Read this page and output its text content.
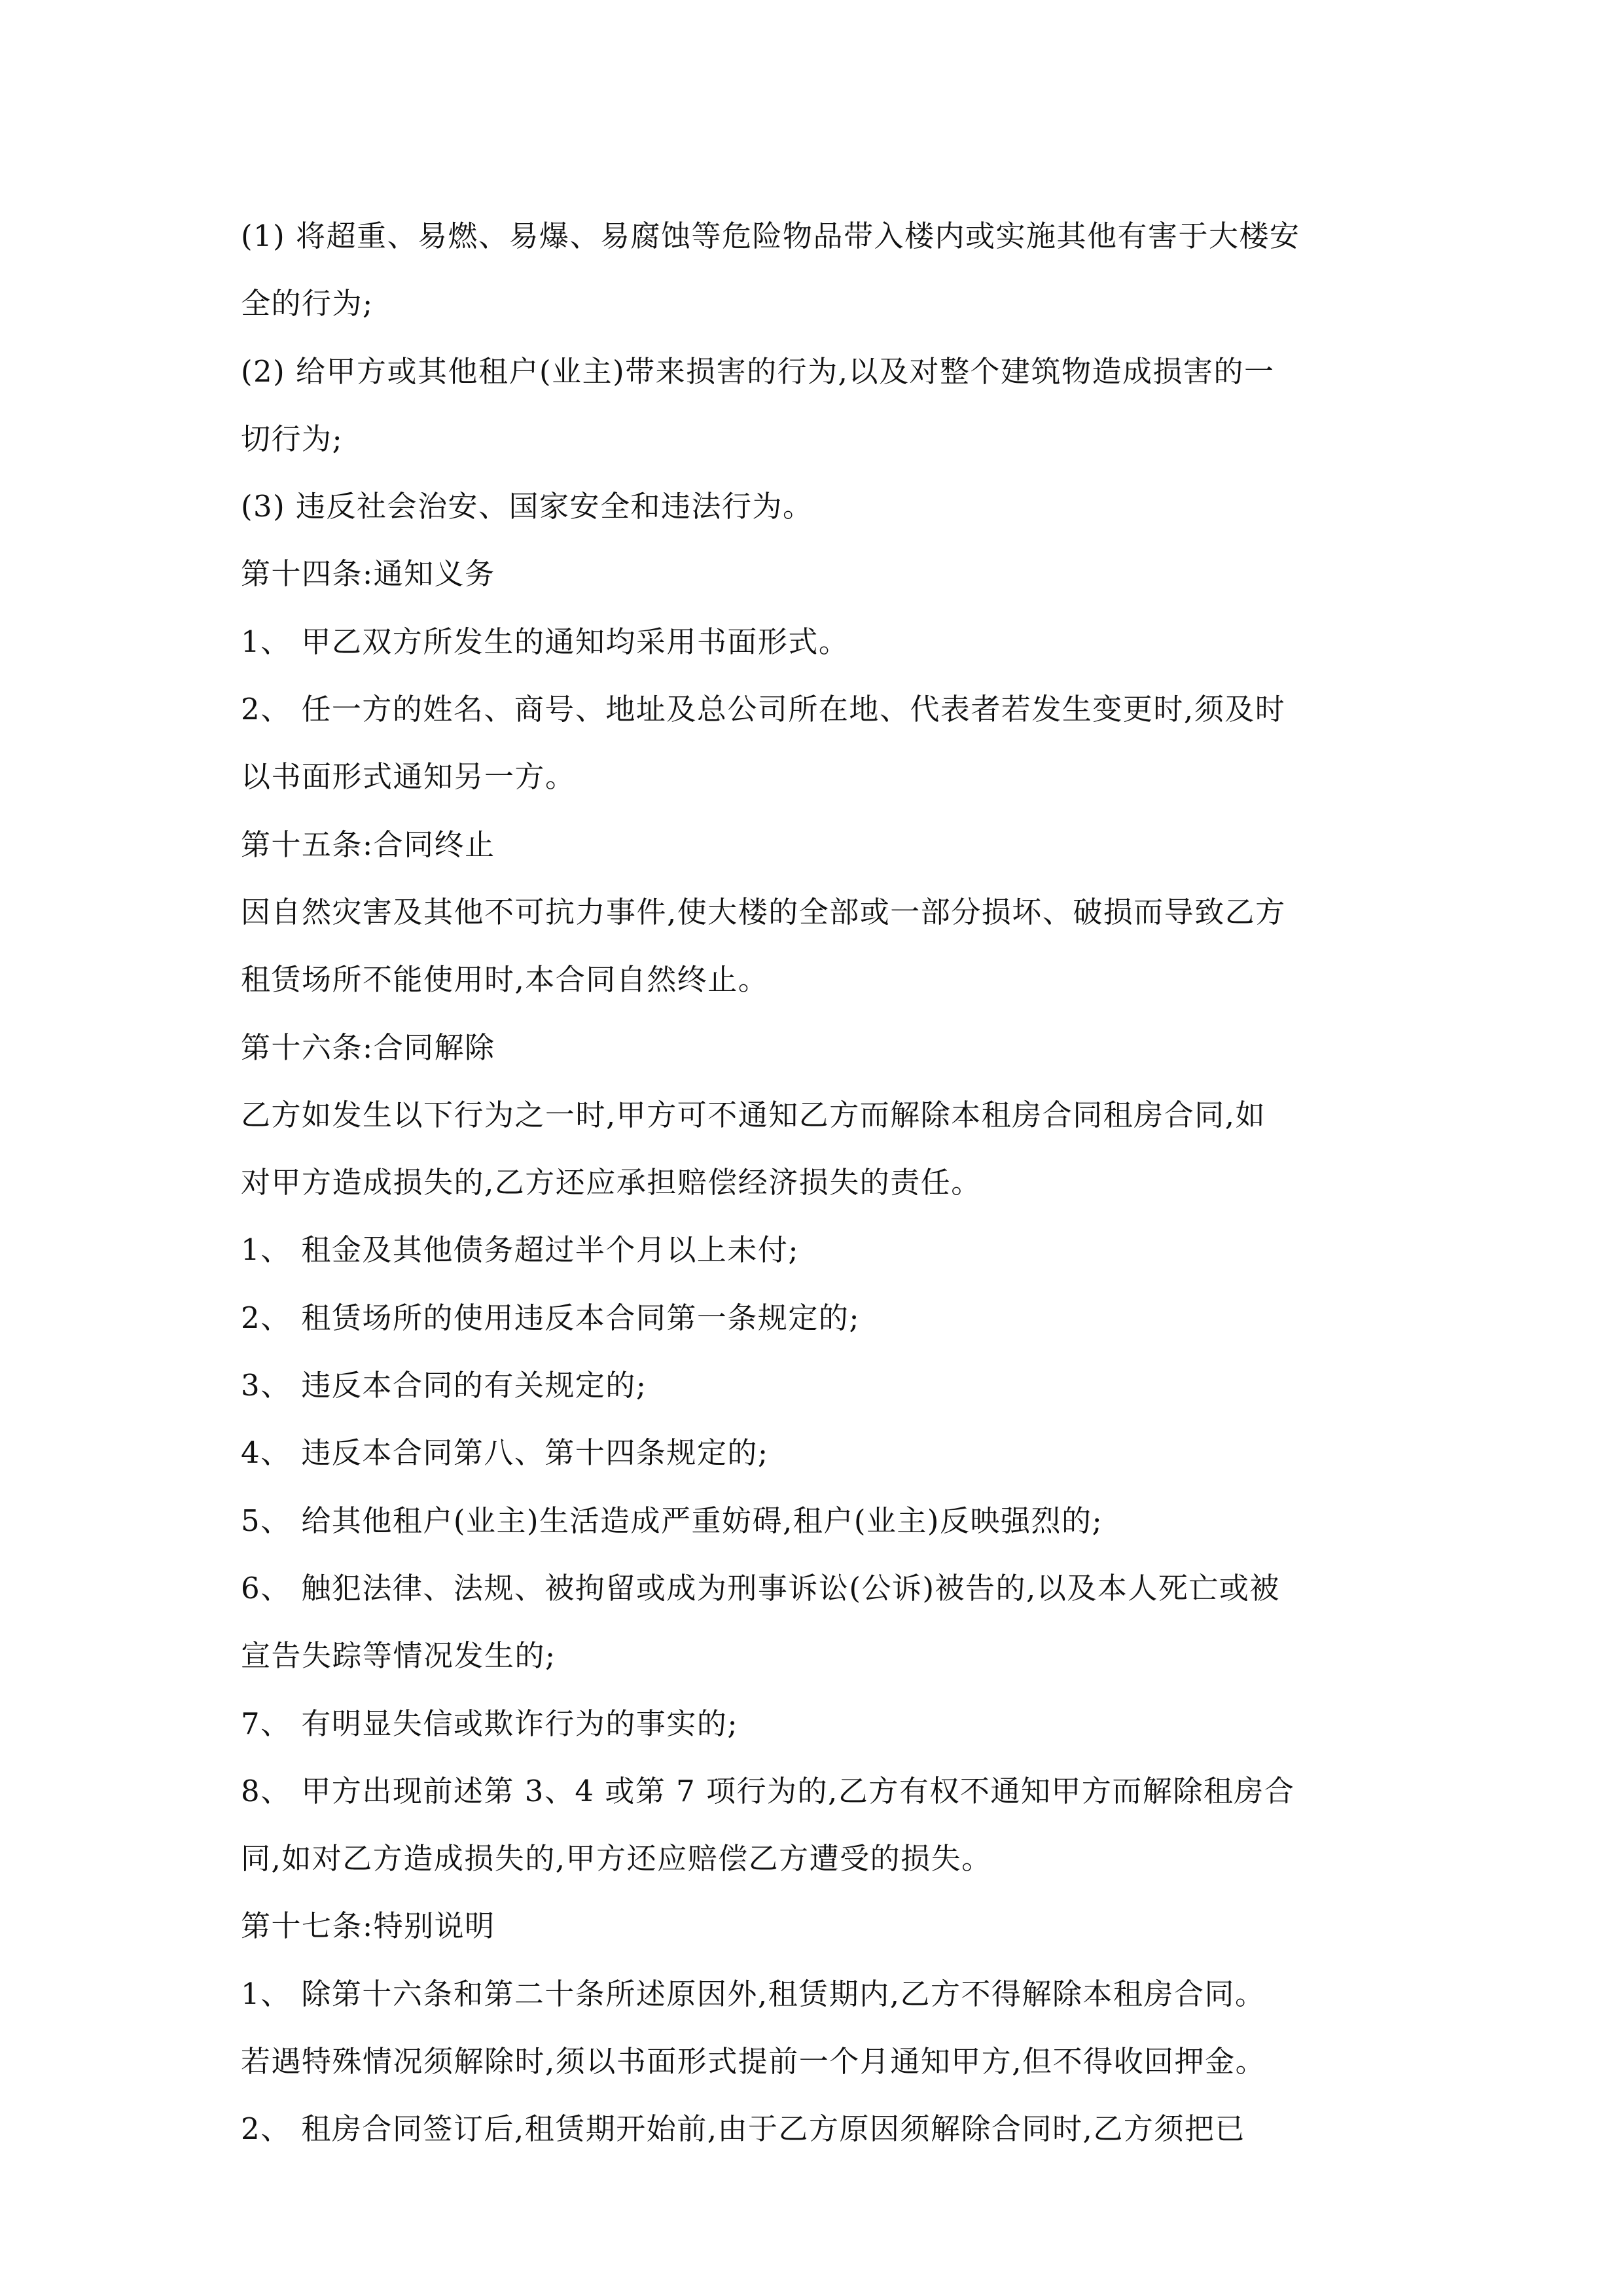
(1) 将超重、易燃、易爆、易腐蚀等危险物品带入楼内或实施其他有害于大楼安
全的行为;
(2) 给甲方或其他租户(业主)带来损害的行为,以及对整个建筑物造成损害的一
切行为;
(3) 违反社会治安、国家安全和违法行为。
第十四条:通知义务
1、 甲乙双方所发生的通知均采用书面形式。
2、 任一方的姓名、商号、地址及总公司所在地、代表者若发生变更时,须及时
以书面形式通知另一方。
第十五条:合同终止
因自然灾害及其他不可抗力事件,使大楼的全部或一部分损坏、破损而导致乙方
租赁场所不能使用时,本合同自然终止。
第十六条:合同解除
乙方如发生以下行为之一时,甲方可不通知乙方而解除本租房合同租房合同,如
对甲方造成损失的,乙方还应承担赔偿经济损失的责任。
1、 租金及其他债务超过半个月以上未付;
2、 租赁场所的使用违反本合同第一条规定的;
3、 违反本合同的有关规定的;
4、 违反本合同第八、第十四条规定的;
5、 给其他租户(业主)生活造成严重妨碍,租户(业主)反映强烈的;
6、 触犯法律、法规、被拘留或成为刑事诉讼(公诉)被告的,以及本人死亡或被
宣告失踪等情况发生的;
7、 有明显失信或欺诈行为的事实的;
8、 甲方出现前述第 3、4 或第 7 项行为的,乙方有权不通知甲方而解除租房合
同,如对乙方造成损失的,甲方还应赔偿乙方遭受的损失。
第十七条:特别说明
1、 除第十六条和第二十条所述原因外,租赁期内,乙方不得解除本租房合同。
若遇特殊情况须解除时,须以书面形式提前一个月通知甲方,但不得收回押金。
2、 租房合同签订后,租赁期开始前,由于乙方原因须解除合同时,乙方须把已
